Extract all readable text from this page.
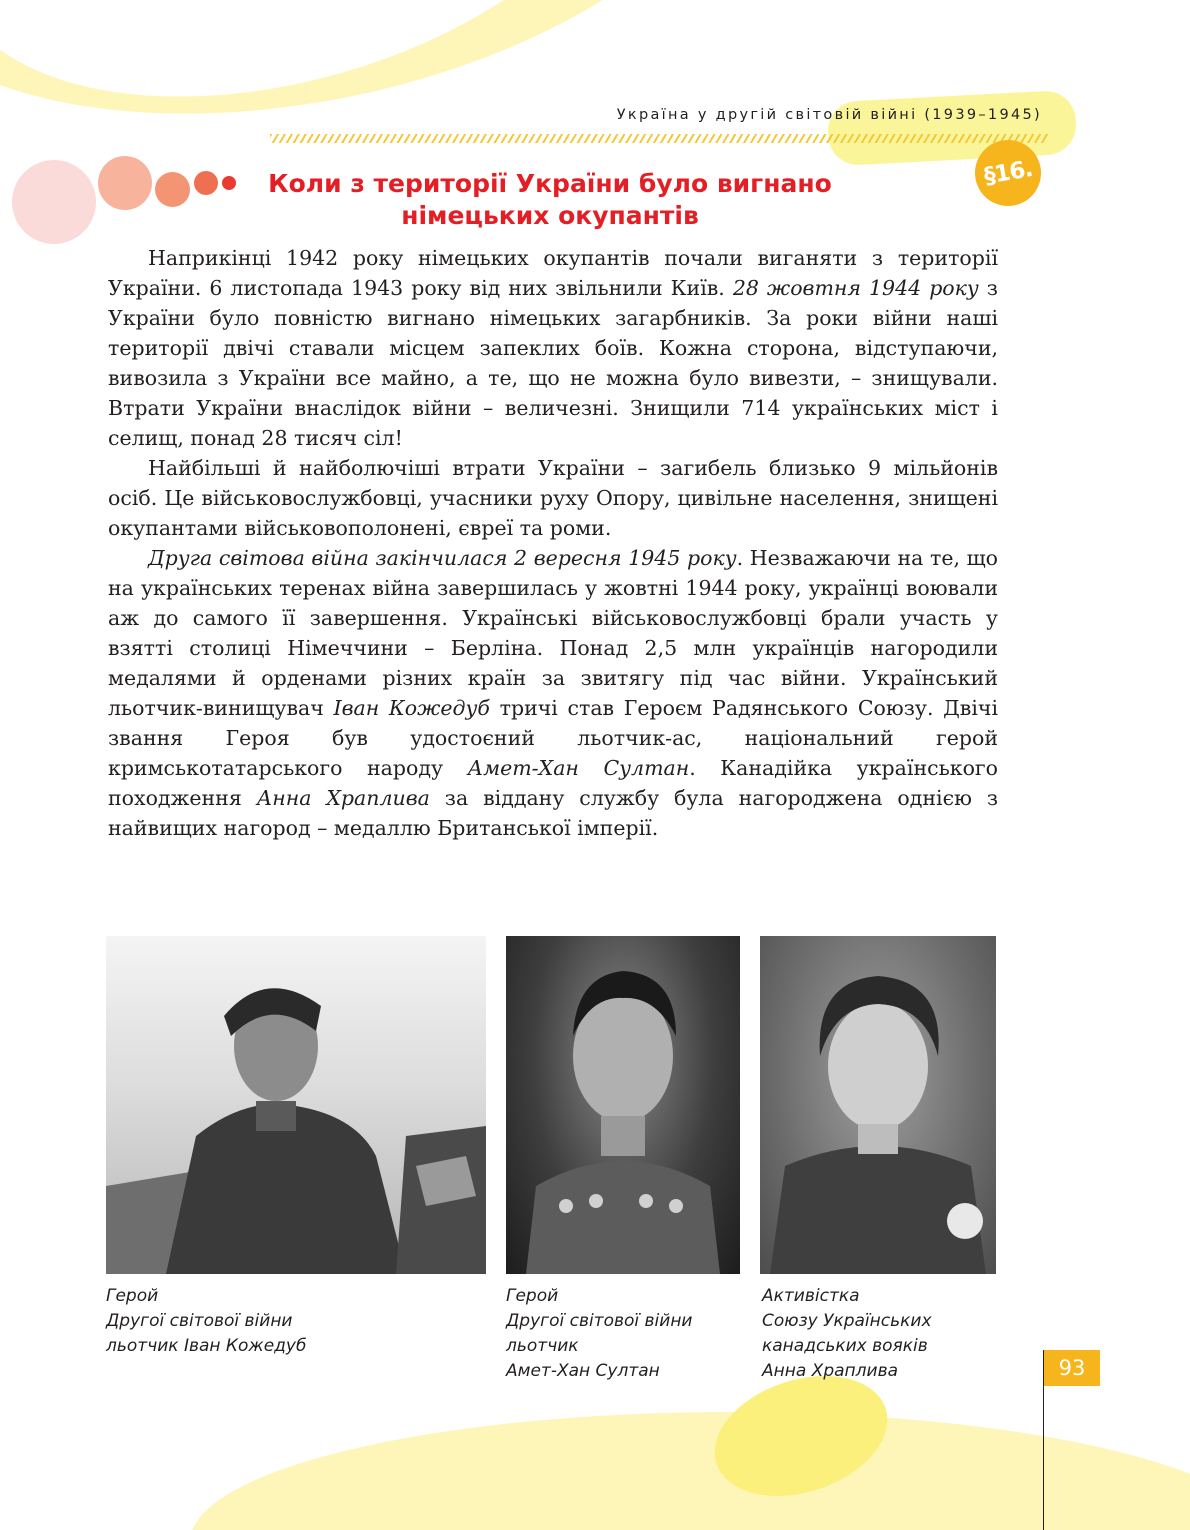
Україна у другій світовій війні (1939–1945)
§16.
Коли з території України було вигнано
німецьких окупантів

Наприкінці 1942 року німецьких окупантів почали виганяти з території України. 6 листопада 1943 року від них звільнили Київ. 28 жовтня 1944 року з України було повністю вигнано німецьких загарбників. За роки війни наші території двічі ставали місцем запеклих боїв. Кожна сторона, відступаючи, вивозила з України все майно, а те, що не можна було вивезти, – знищували. Втрати України внаслідок війни – величезні. Знищили 714 українських міст і селищ, понад 28 тисяч сіл!

Найбільші й найболючіші втрати України – загибель близько 9 мільйонів осіб. Це військовослужбовці, учасники руху Опору, цивільне населення, знищені окупантами військовополонені, євреї та роми.

Друга світова війна закінчилася 2 вересня 1945 року. Незважаючи на те, що на українських теренах війна завершилась у жовтні 1944 року, українці воювали аж до самого її завершення. Українські військовослужбовці брали участь у взятті столиці Німеччини – Берліна. Понад 2,5 млн українців нагородили медалями й орденами різних країн за звитягу під час війни. Український льотчик-винищувач Іван Кожедуб тричі став Героєм Радянського Союзу. Двічі звання Героя був удостоєний льотчик-ас, національний герой кримськотатарського народу Амет-Хан Султан. Канадійка українського походження Анна Храплива за віддану службу була нагороджена однією з найвищих нагород – медаллю Британської імперії.

Герой
Другої світової війни
льотчик Іван Кожедуб
Герой
Другої світової війни
льотчик
Амет-Хан Султан
Активістка
Союзу Українських
канадських вояків
Анна Храплива	93
